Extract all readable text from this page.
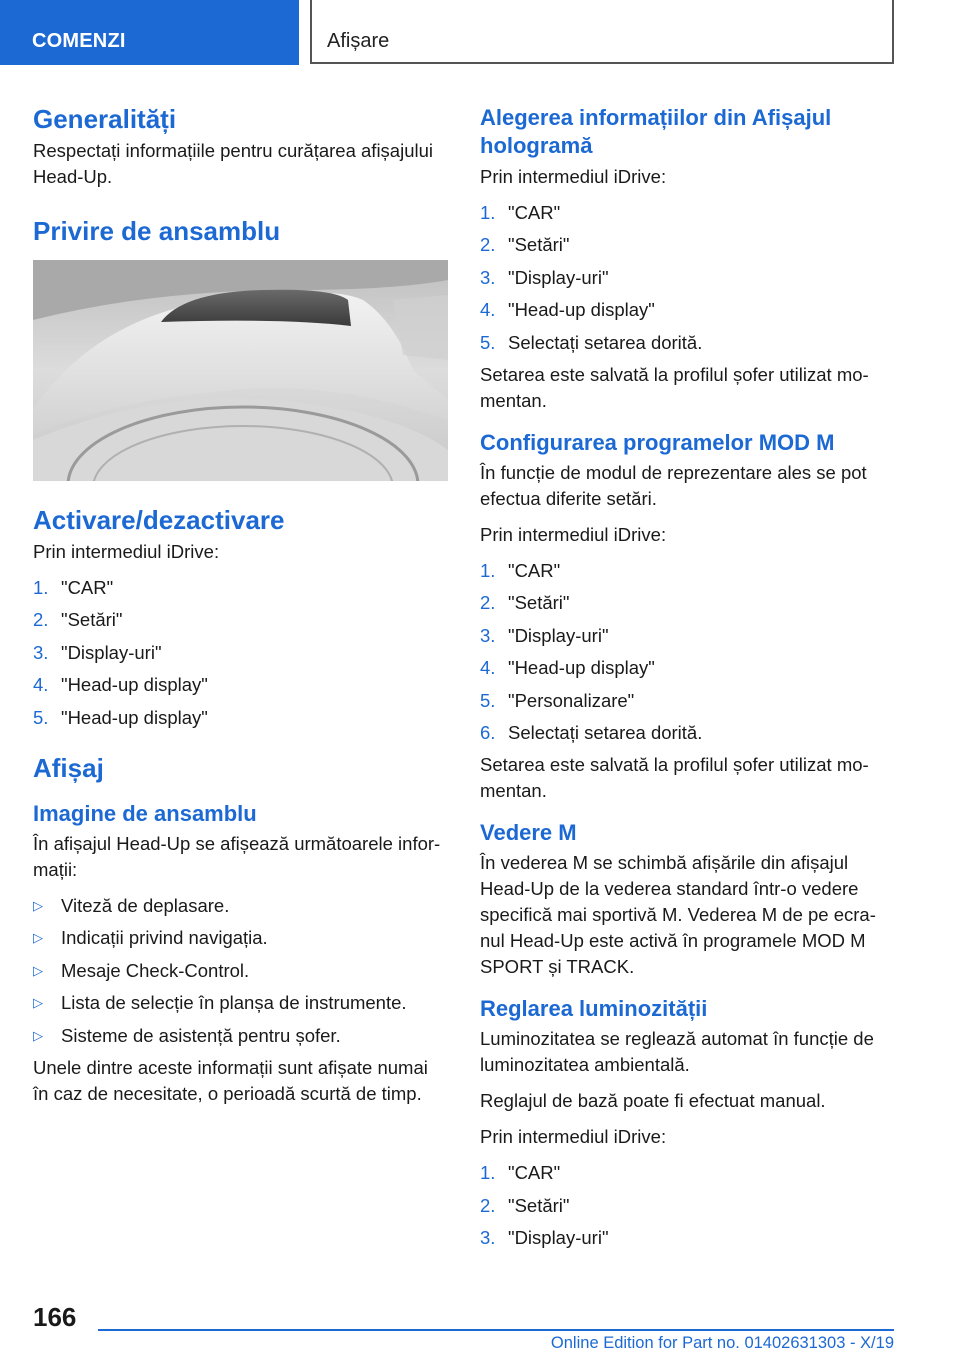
COMENZI	Afișare
Generalități

Respectați informațiile pentru curățarea afișajului Head-Up.

Privire de ansamblu
Activare/dezactivare

Prin intermediul iDrive:

1. "CAR"
2. "Setări"
3. "Display-uri"
4. "Head-up display"
5. "Head-up display"
Afișaj
Imagine de ansamblu

În afișajul Head-Up se afișează următoarele infor-mații:

▷ Viteză de deplasare.
▷ Indicații privind navigația.
▷ Mesaje Check-Control.
▷ Lista de selecție în planșa de instrumente.
▷ Sisteme de asistență pentru șofer.

Unele dintre aceste informații sunt afișate numai în caz de necesitate, o perioadă scurtă de timp.

Alegerea informațiilor din Afișajul hologramă

Prin intermediul iDrive:

1. "CAR"
2. "Setări"
3. "Display-uri"
4. "Head-up display"
5. Selectați setarea dorită.

Setarea este salvată la profilul șofer utilizat mo-mentan.

Configurarea programelor MOD M

În funcție de modul de reprezentare ales se pot efectua diferite setări.

Prin intermediul iDrive:

1. "CAR"
2. "Setări"
3. "Display-uri"
4. "Head-up display"
5. "Personalizare"
6. Selectați setarea dorită.

Setarea este salvată la profilul șofer utilizat mo-mentan.

Vedere M

În vederea M se schimbă afișările din afișajul Head-Up de la vederea standard într-o vedere specifică mai sportivă M. Vederea M de pe ecra-nul Head-Up este activă în programele MOD M SPORT și TRACK.

Reglarea luminozității

Luminozitatea se reglează automat în funcție de luminozitatea ambientală.

Reglajul de bază poate fi efectuat manual.

Prin intermediul iDrive:

1. "CAR"
2. "Setări"
3. "Display-uri"
166
Online Edition for Part no. 01402631303 - X/19
